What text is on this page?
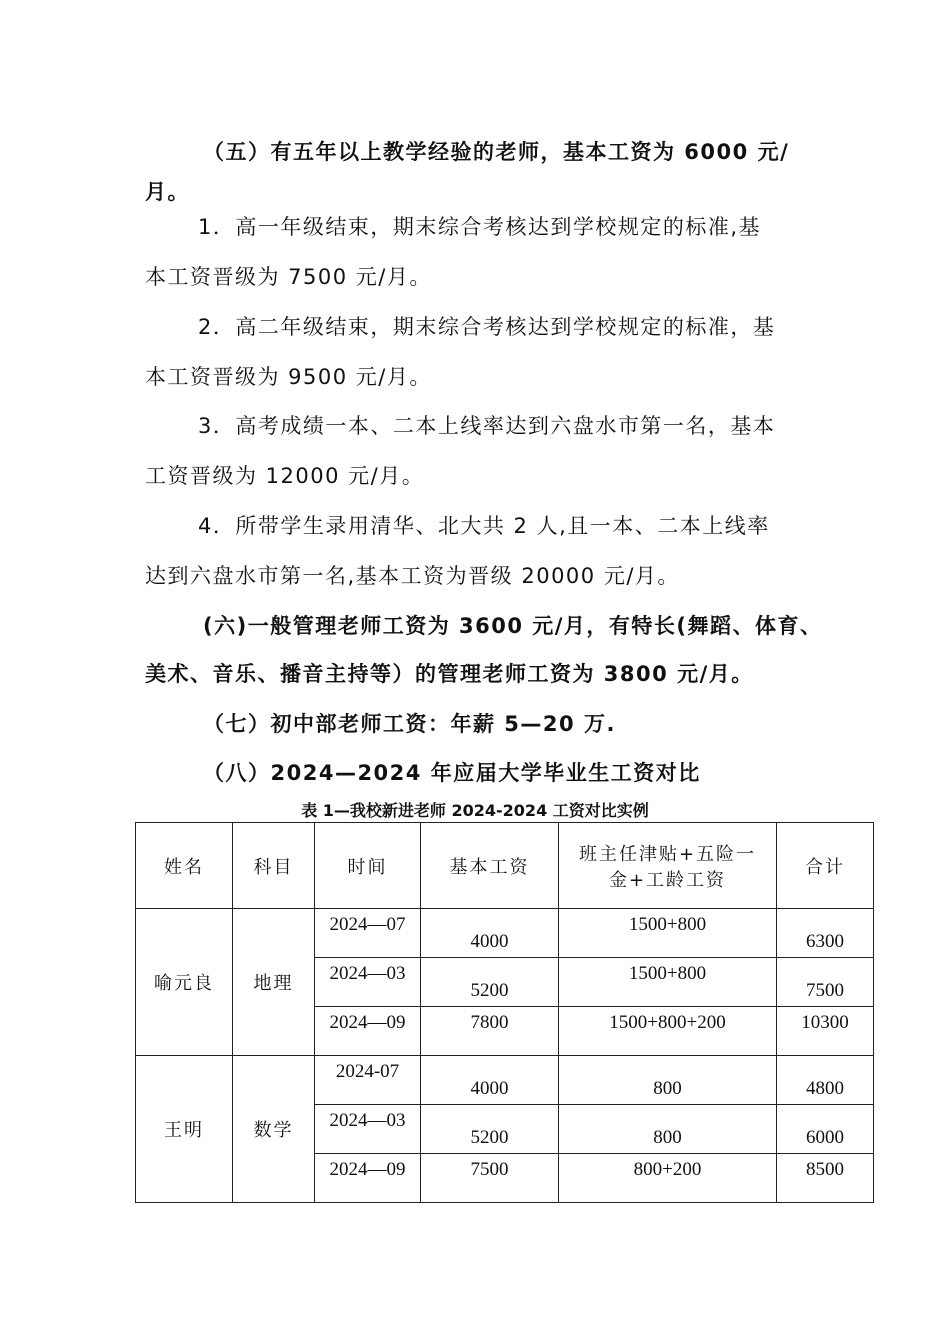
（五）有五年以上教学经验的老师，基本工资为 6000 元/
月。
1．高一年级结束，期末综合考核达到学校规定的标准,基
本工资晋级为 7500 元/月。
2．高二年级结束，期末综合考核达到学校规定的标准，基
本工资晋级为 9500 元/月。
3．高考成绩一本、二本上线率达到六盘水市第一名，基本
工资晋级为 12000 元/月。
4．所带学生录用清华、北大共 2 人,且一本、二本上线率
达到六盘水市第一名,基本工资为晋级 20000 元/月。
(六)一般管理老师工资为 3600 元/月，有特长(舞蹈、体育、
美术、音乐、播音主持等）的管理老师工资为 3800 元/月。
（七）初中部老师工资：年薪 5—20 万.
（八）2024—2024 年应届大学毕业生工资对比
表 1—我校新进老师 2024-2024 工资对比实例
姓名	科目	时间	基本工资	班主任津贴+五险一金+工龄工资	合计
喻元良	地理	2024—07	4000	1500+800	6300
		2024—03	5200	1500+800	7500
		2024—09	7800	1500+800+200	10300
王明	数学	2024-07	4000	800	4800
		2024—03	5200	800	6000
		2024—09	7500	800+200	8500
